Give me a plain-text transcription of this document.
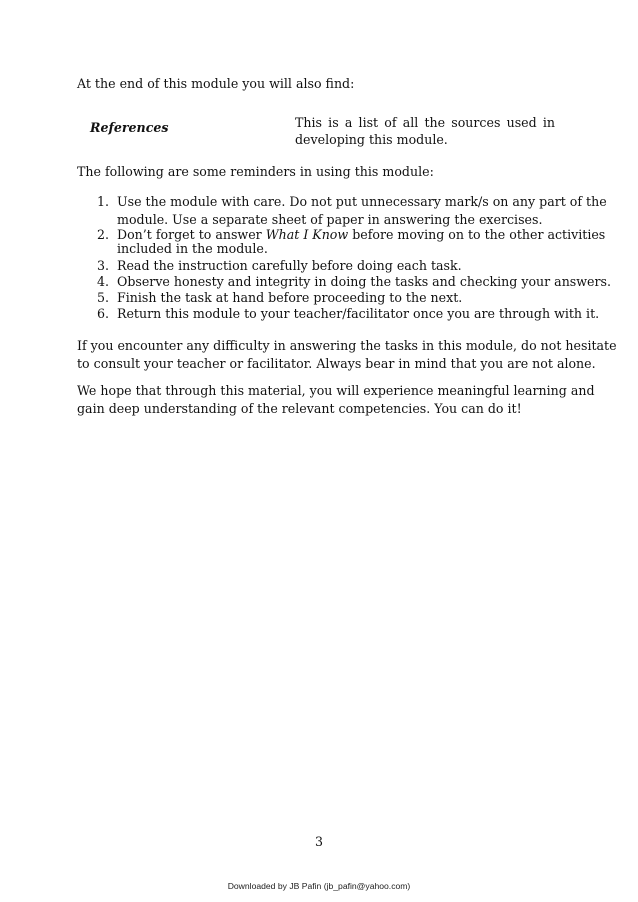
At the end of this module you will also find:
References	This is a list of all the sources used in
developing this module.
The following are some reminders in using this module:
1. Use the module with care. Do not put unnecessary mark/s on any part of the
module. Use a separate sheet of paper in answering the exercises.
2. Don’t forget to answer What I Know before moving on to the other activities
included in the module.
3. Read the instruction carefully before doing each task.
4. Observe honesty and integrity in doing the tasks and checking your answers.
5. Finish the task at hand before proceeding to the next.
6. Return this module to your teacher/facilitator once you are through with it.
If you encounter any difficulty in answering the tasks in this module, do not hesitate
to consult your teacher or facilitator. Always bear in mind that you are not alone.
We hope that through this material, you will experience meaningful learning and
gain deep understanding of the relevant competencies. You can do it!
3
Downloaded by JB Pafin (jb_pafin@yahoo.com)
